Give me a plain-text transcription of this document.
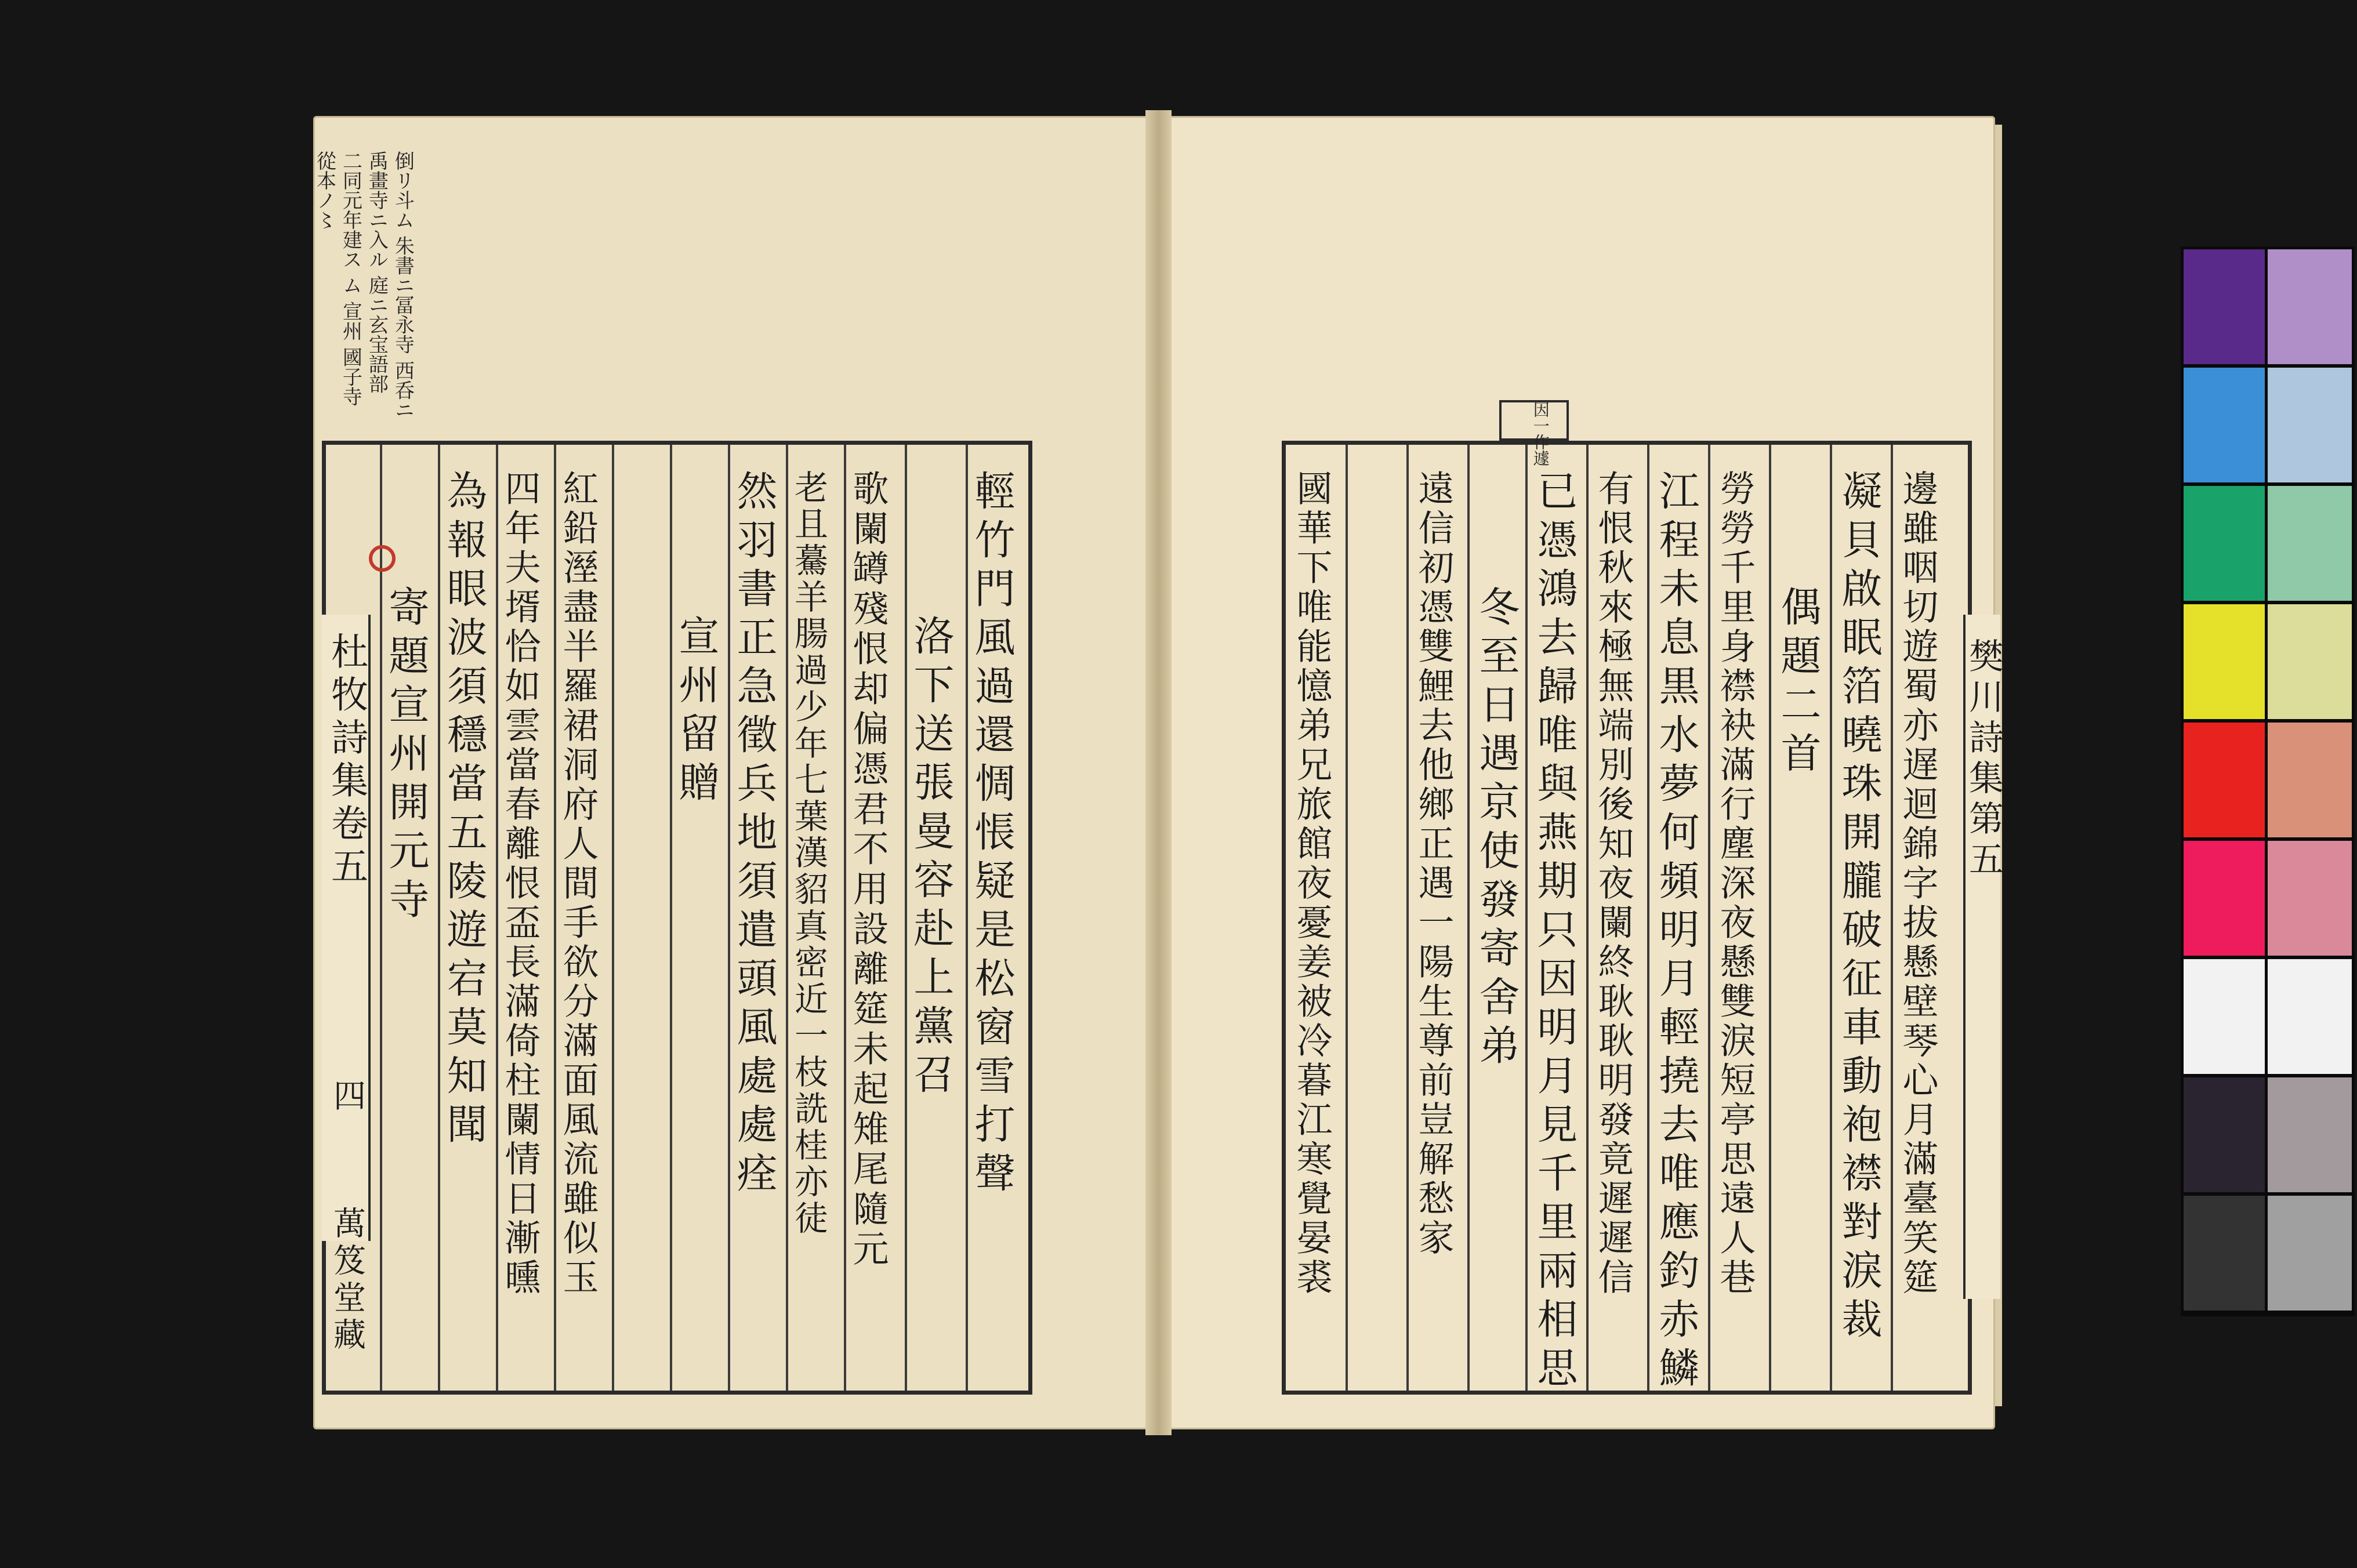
輕竹門風過還惆悵疑是松窗雪打聲
洛下送張曼容赴上黨召
歌闌罇殘恨却偏憑君不用設離筵未起雉尾隨元
老且驀羊腸過少年七葉漢貂真密近一枝詵桂亦徒
然羽書正急徵兵地須遣頭風處處痊
宣州留贈
紅鉛溼盡半羅裙洞府人間手欲分滿面風流雖似玉
四年夫壻恰如雲當春離恨盃長滿倚柱闌情日漸曛
為報眼波須穩當五陵遊宕莫知聞
寄題宣州開元寺
杜牧詩集卷五
四
萬笈堂藏
倒リ斗ム 朱書ニ冨永寺 西呑ニ
禹畫寺ニ入ル 庭ニ玄宝語部
二同元年建ス ム 宣州 國子寺
從本ノ〻
邊雖咽切遊蜀亦遅迴錦字拔懸壁琴心月滿臺笑筵
凝貝啟眠箔曉珠開朧破征車動袍襟對淚裁
偶題二首
勞勞千里身襟袂滿行塵深夜懸雙淚短亭思遠人巷
江程未息黒水夢何頻明月輕撓去唯應釣赤鱗
有恨秋來極無端別後知夜闌終耿耿明發竟遲遲信
已憑鴻去歸唯與燕期只因明月見千里兩相思
冬至日遇京使發寄舍弟
遠信初憑雙鯉去他鄉正遇一陽生尊前豈解愁家
國華下唯能憶弟兄旅館夜憂姜被冷暮江寒覺晏裘
因一作遽
樊川詩集第五
